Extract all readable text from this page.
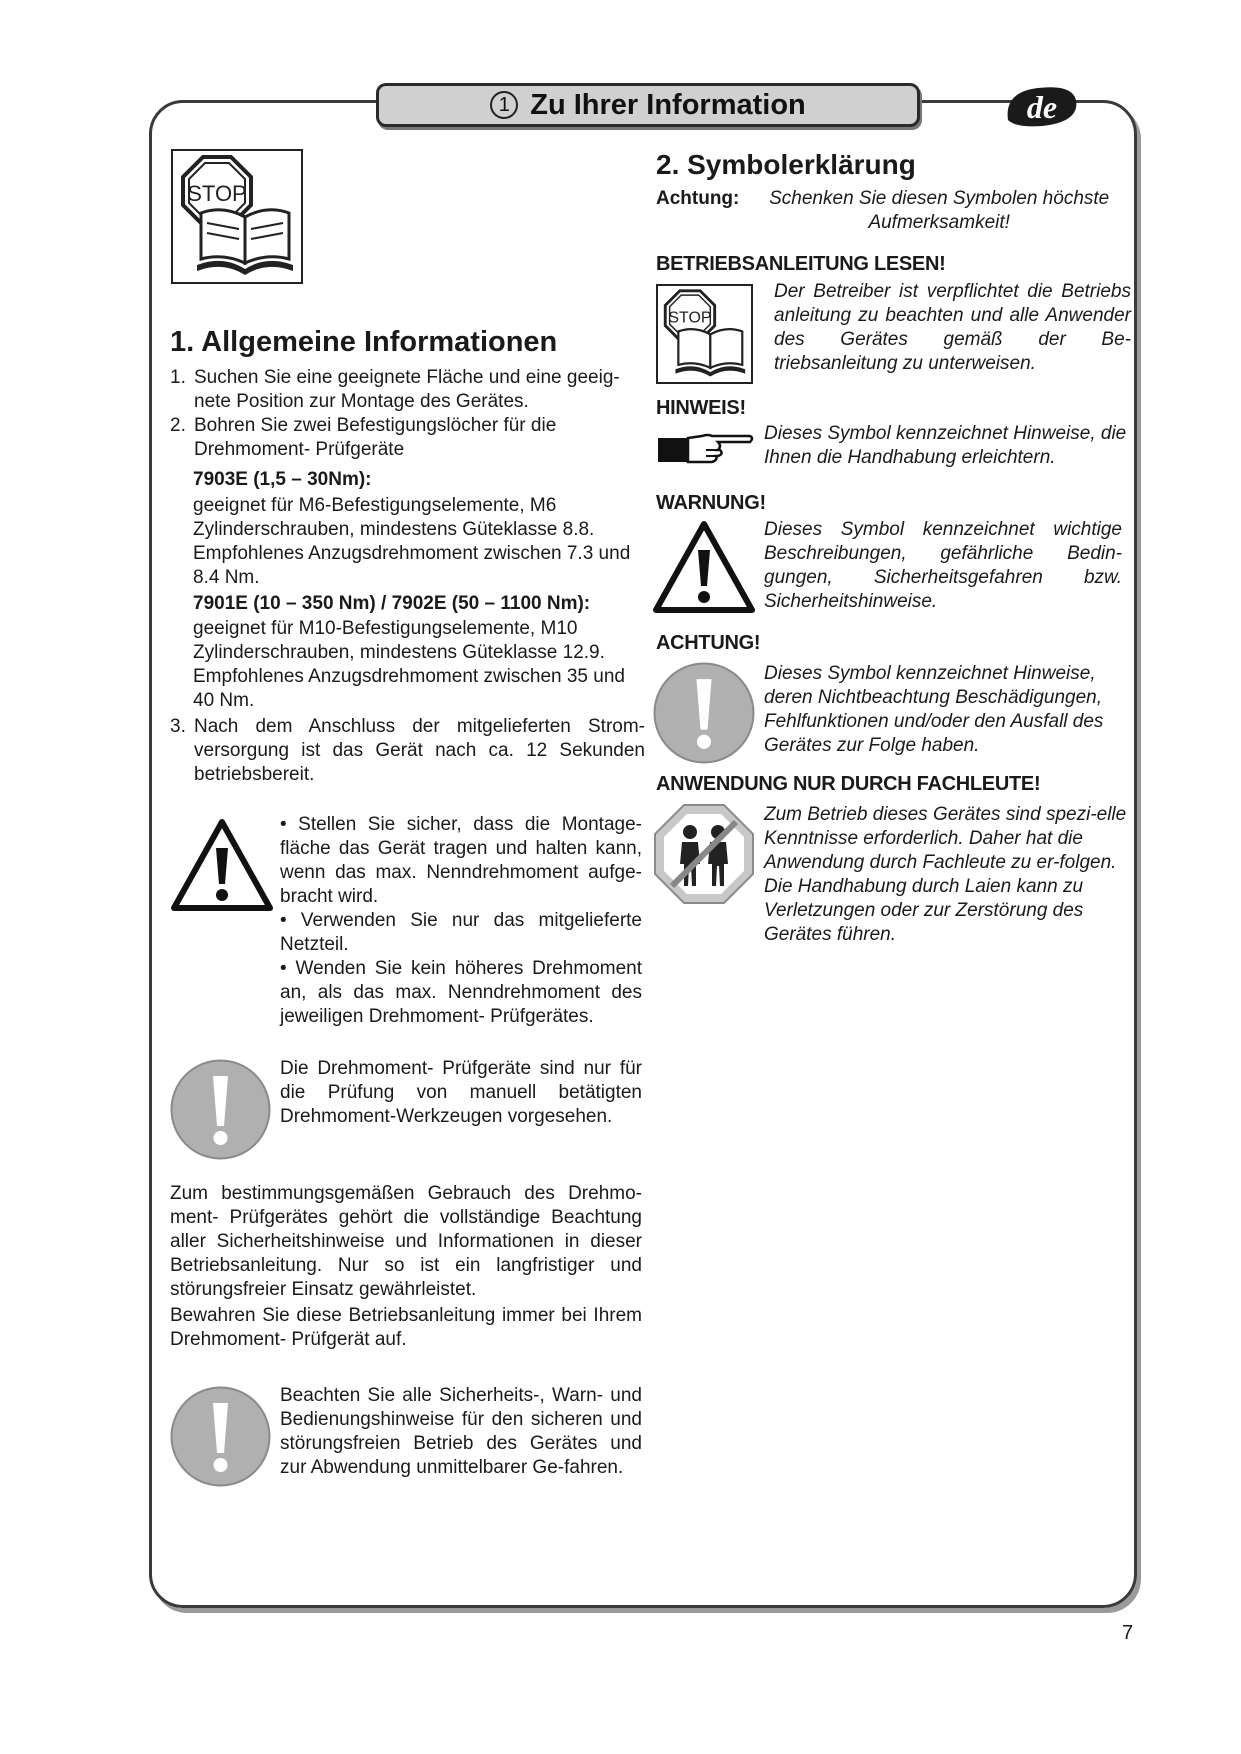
1 Zu Ihrer Information	de
STOP
1. Allgemeine Informationen
1. Suchen Sie eine geeignete Fläche und eine geeig-nete Position zur Montage des Gerätes.
2. Bohren Sie zwei Befestigungslöcher für die Drehmoment- Prüfgeräte
7903E (1,5 – 30Nm):
geeignet für M6-Befestigungselemente, M6 Zylinderschrauben, mindestens Güteklasse 8.8. Empfohlenes Anzugsdrehmoment zwischen 7.3 und 8.4 Nm.
7901E (10 – 350 Nm) / 7902E (50 – 1100 Nm):
geeignet für M10-Befestigungselemente, M10 Zylinderschrauben, mindestens Güteklasse 12.9. Empfohlenes Anzugsdrehmoment zwischen 35 und 40 Nm.
3. Nach dem Anschluss der mitgelieferten Strom-versorgung ist das Gerät nach ca. 12 Sekunden betriebsbereit.

• Stellen Sie sicher, dass die Montage-fläche das Gerät tragen und halten kann, wenn das max. Nenndrehmoment aufge-bracht wird.

• Verwenden Sie nur das mitgelieferte Netzteil.

• Wenden Sie kein höheres Drehmoment an, als das max. Nenndrehmoment des jeweiligen Drehmoment- Prüfgerätes.

Die Drehmoment- Prüfgeräte sind nur für die Prüfung von manuell betätigten Drehmoment-Werkzeugen vorgesehen.
Zum bestimmungsgemäßen Gebrauch des Drehmo-ment- Prüfgerätes gehört die vollständige Beachtung aller Sicherheitshinweise und Informationen in dieser Betriebsanleitung. Nur so ist ein langfristiger und störungsfreier Einsatz gewährleistet.
Bewahren Sie diese Betriebsanleitung immer bei Ihrem Drehmoment- Prüfgerät auf.
Beachten Sie alle Sicherheits-, Warn- und Bedienungshinweise für den sicheren und störungsfreien Betrieb des Gerätes und zur Abwendung unmittelbarer Ge-fahren.
2. Symbolerklärung
Achtung:	Schenken Sie diesen Symbolen höchste Aufmerksamkeit!
BETRIEBSANLEITUNG LESEN!
STOP
Der Betreiber ist verpflichtet die Betriebs anleitung zu beachten und alle Anwender des Gerätes gemäß der Be-triebsanleitung zu unterweisen.
HINWEIS!
Dieses Symbol kennzeichnet Hinweise, die Ihnen die Handhabung erleichtern.
WARNUNG!
Dieses Symbol kennzeichnet wichtige Beschreibungen, gefährliche Bedin-gungen, Sicherheitsgefahren bzw. Sicherheitshinweise.
ACHTUNG!
Dieses Symbol kennzeichnet Hinweise, deren Nichtbeachtung Beschädigungen, Fehlfunktionen und/oder den Ausfall des Gerätes zur Folge haben.
ANWENDUNG NUR DURCH FACHLEUTE!
Zum Betrieb dieses Gerätes sind spezi-elle Kenntnisse erforderlich. Daher hat die Anwendung durch Fachleute zu er-folgen. Die Handhabung durch Laien kann zu Verletzungen oder zur Zerstörung des Gerätes führen.
7
